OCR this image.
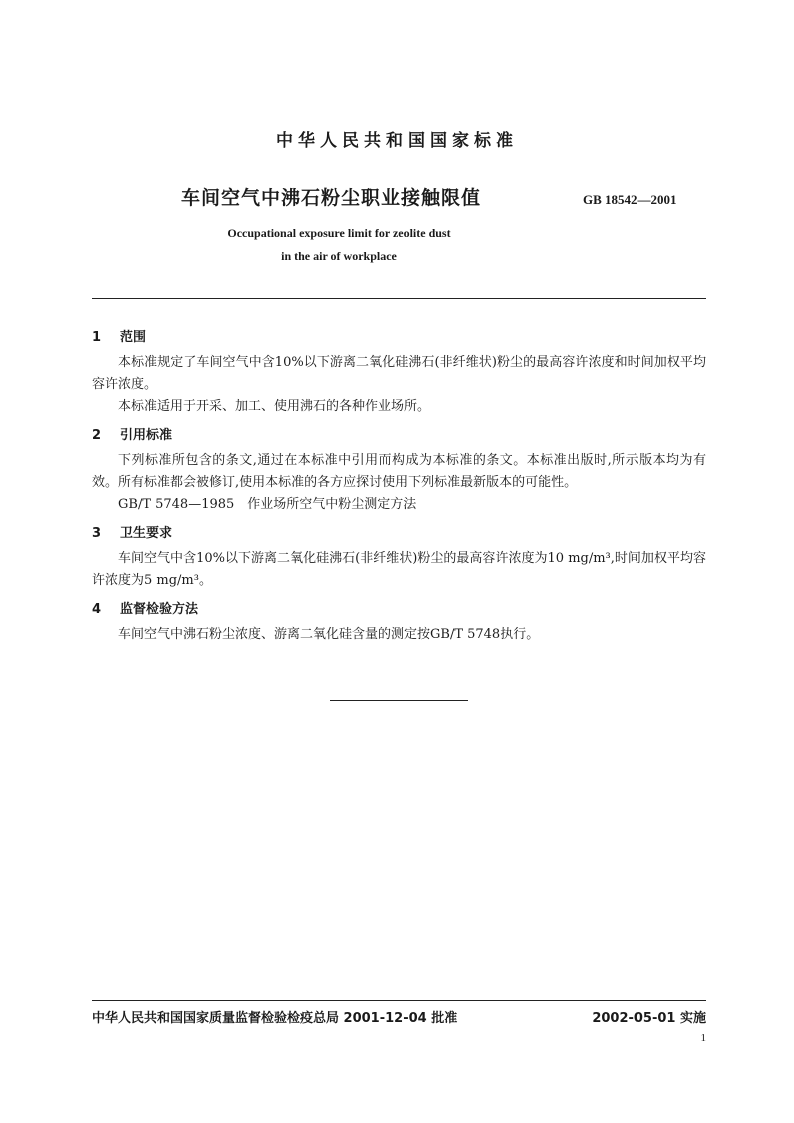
中华人民共和国国家标准
车间空气中沸石粉尘职业接触限值	GB 18542—2001
Occupational exposure limit for zeolite dust
in the air of workplace
1 范围

本标准规定了车间空气中含10%以下游离二氧化硅沸石(非纤维状)粉尘的最高容许浓度和时间加权平均容许浓度。

本标准适用于开采、加工、使用沸石的各种作业场所。

2 引用标准

下列标准所包含的条文,通过在本标准中引用而构成为本标准的条文。本标准出版时,所示版本均为有效。所有标准都会被修订,使用本标准的各方应探讨使用下列标准最新版本的可能性。

GB/T 5748—1985　作业场所空气中粉尘测定方法

3 卫生要求

车间空气中含10%以下游离二氧化硅沸石(非纤维状)粉尘的最高容许浓度为10 mg/m³,时间加权平均容许浓度为5 mg/m³。

4 监督检验方法

车间空气中沸石粉尘浓度、游离二氧化硅含量的测定按GB/T 5748执行。

中华人民共和国国家质量监督检验检疫总局 2001-12-04 批准	2002-05-01 实施
1
